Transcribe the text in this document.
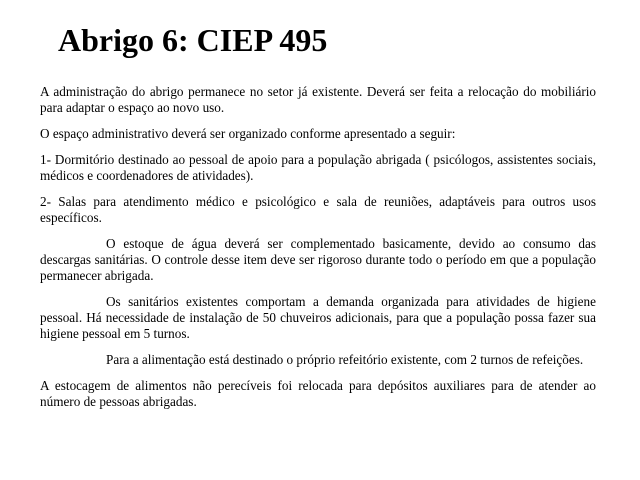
Abrigo 6: CIEP 495

A administração do abrigo permanece no setor já existente. Deverá ser feita a relocação do mobiliário para adaptar o espaço ao novo uso.

O espaço administrativo deverá ser organizado conforme apresentado a seguir:

1- Dormitório destinado ao pessoal de apoio para a população abrigada ( psicólogos, assistentes sociais, médicos e coordenadores de atividades).

2- Salas para atendimento médico e psicológico e sala de reuniões, adaptáveis para outros usos específicos.

O estoque de água deverá ser complementado basicamente, devido ao consumo das descargas sanitárias. O controle desse item deve ser rigoroso durante todo o período em que a população permanecer abrigada.

Os sanitários existentes comportam a demanda organizada para atividades de higiene pessoal. Há necessidade de instalação de 50 chuveiros adicionais, para que a população possa fazer sua higiene pessoal em 5 turnos.

Para a alimentação está destinado o próprio refeitório existente, com 2 turnos de refeições.

A estocagem de alimentos não perecíveis foi relocada para depósitos auxiliares para de atender ao número de pessoas abrigadas.
